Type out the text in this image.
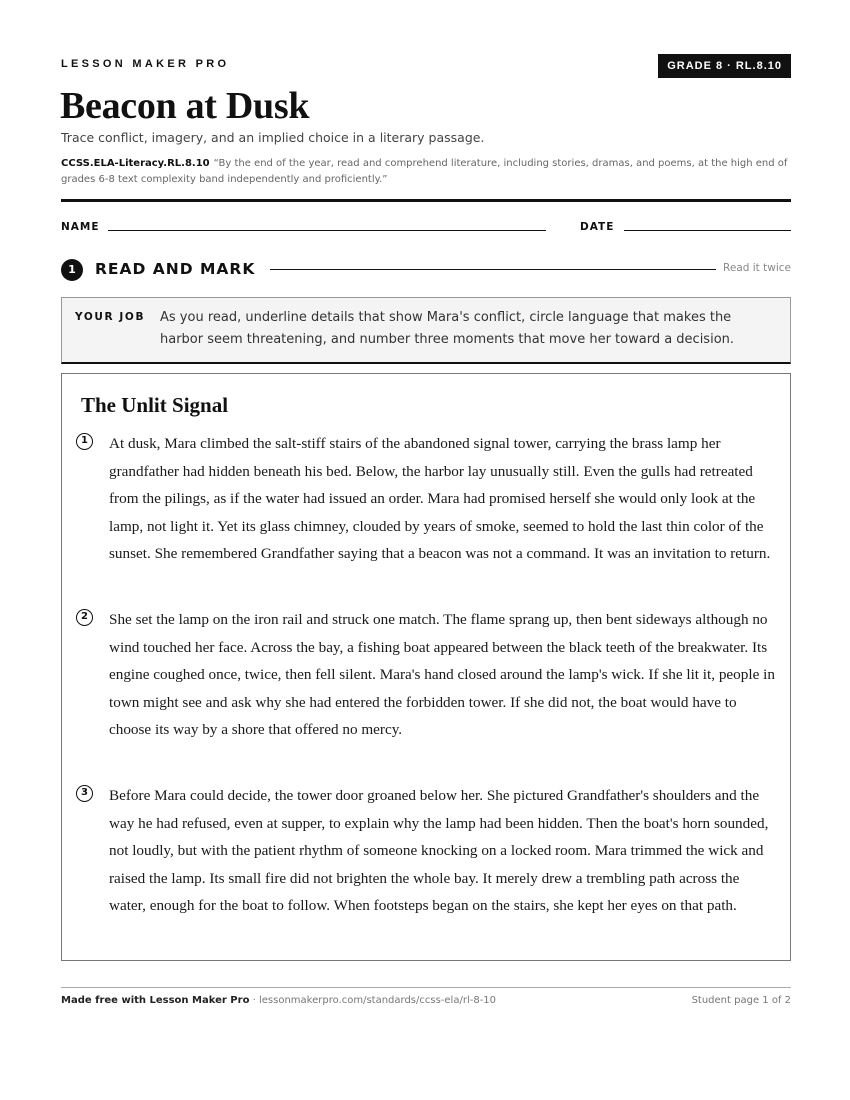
LESSON MAKER PRO	GRADE 8 · RL.8.10
Beacon at Dusk
Trace conflict, imagery, and an implied choice in a literary passage.
CCSS.ELA-Literacy.RL.8.10 “By the end of the year, read and comprehend literature, including stories, dramas, and poems, at the high end of grades 6-8 text complexity band independently and proficiently.”
NAME	DATE
1	READ AND MARK	Read it twice
YOUR JOB As you read, underline details that show Mara's conflict, circle language that makes the harbor seem threatening, and number three moments that move her toward a decision.
The Unlit Signal
1	At dusk, Mara climbed the salt-stiff stairs of the abandoned signal tower, carrying the brass lamp her grandfather had hidden beneath his bed. Below, the harbor lay unusually still. Even the gulls had retreated from the pilings, as if the water had issued an order. Mara had promised herself she would only look at the lamp, not light it. Yet its glass chimney, clouded by years of smoke, seemed to hold the last thin color of the sunset. She remembered Grandfather saying that a beacon was not a command. It was an invitation to return.
2	She set the lamp on the iron rail and struck one match. The flame sprang up, then bent sideways although no wind touched her face. Across the bay, a fishing boat appeared between the black teeth of the breakwater. Its engine coughed once, twice, then fell silent. Mara's hand closed around the lamp's wick. If she lit it, people in town might see and ask why she had entered the forbidden tower. If she did not, the boat would have to choose its way by a shore that offered no mercy.
3	Before Mara could decide, the tower door groaned below her. She pictured Grandfather's shoulders and the way he had refused, even at supper, to explain why the lamp had been hidden. Then the boat's horn sounded, not loudly, but with the patient rhythm of someone knocking on a locked room. Mara trimmed the wick and raised the lamp. Its small fire did not brighten the whole bay. It merely drew a trembling path across the water, enough for the boat to follow. When footsteps began on the stairs, she kept her eyes on that path.
Made free with Lesson Maker Pro · lessonmakerpro.com/standards/ccss-ela/rl-8-10	Student page 1 of 2
